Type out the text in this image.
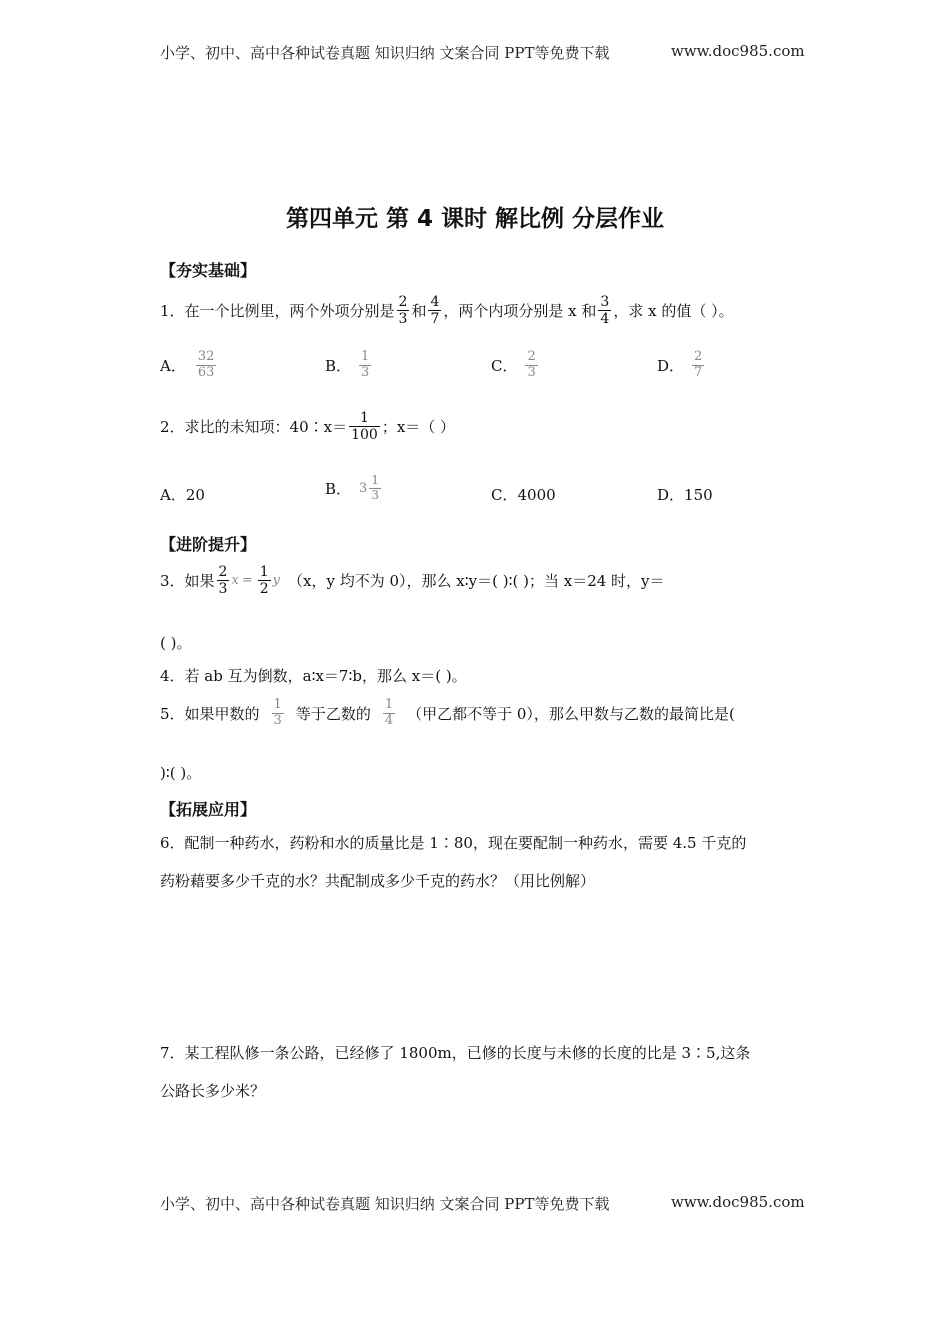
小学、初中、高中各种试卷真题 知识归纳 文案合同 PPT等免费下载	www.doc985.com
第四单元 第 4 课时 解比例 分层作业
【夯实基础】
1．在一个比例里，两个外项分别是 $\frac{2}{3}$ 和 $\frac{4}{7}$ ，两个内项分别是 x 和 $\frac{3}{4}$ ，求 x 的值（ ）。
A． $\frac{32}{63}$	B． $\frac{1}{3}$	C． $\frac{2}{3}$	D． $\frac{2}{7}$
2．求比的未知项：40∶x＝ $\frac{1}{100}$ ；x＝（ ）
A．20	B． $3 \frac{1}{3}$	C．4000	D．150
【进阶提升】
3．如果 $\frac{2}{3}$ $x = \frac{1}{2}$ y （x，y 均不为 0），那么 x∶y＝( )∶( )；当 x＝24 时，y＝
( )。
4．若 ab 互为倒数，a∶x＝7∶b，那么 x＝( )。
5．如果甲数的 $\frac{1}{3}$ 等于乙数的 $\frac{1}{4}$ （甲乙都不等于 0），那么甲数与乙数的最简比是(
)∶( )。
【拓展应用】
6．配制一种药水，药粉和水的质量比是 1∶80，现在要配制一种药水，需要 4.5 千克的
药粉藉要多少千克的水？共配制成多少千克的药水？（用比例解）
7．某工程队修一条公路，已经修了 1800m，已修的长度与未修的长度的比是 3∶5,这条
公路长多少米？
小学、初中、高中各种试卷真题 知识归纳 文案合同 PPT等免费下载	www.doc985.com
